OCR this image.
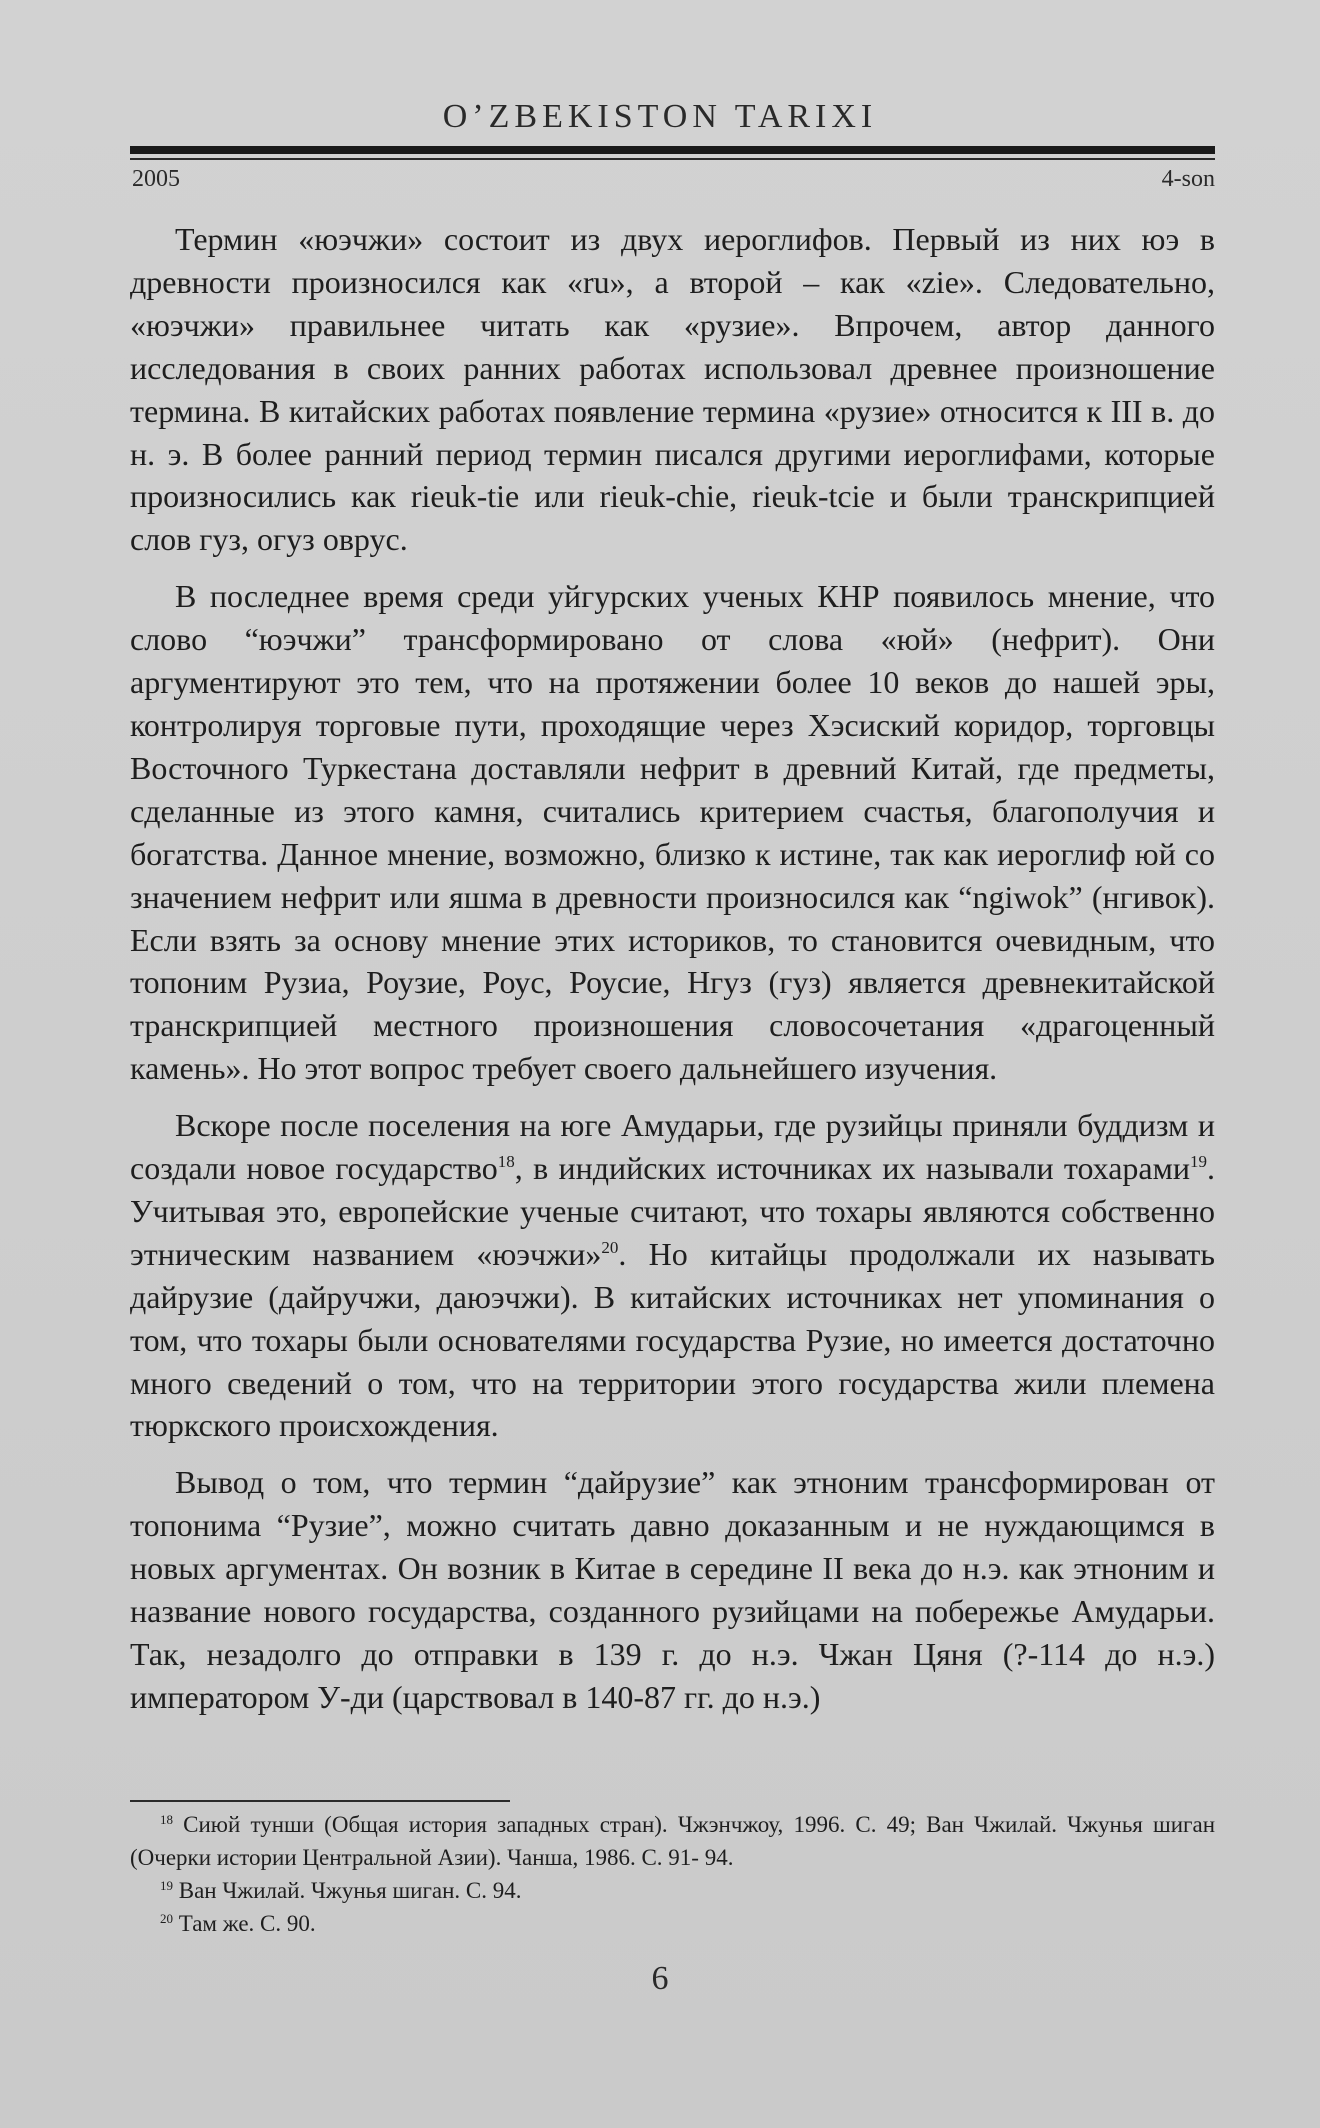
O’ZBEKISTON TARIXI
2005	4-son

Термин «юэчжи» состоит из двух иероглифов. Первый из них юэ в древности произносился как «ru», а второй – как «zie». Следовательно, «юэчжи» правильнее читать как «рузие». Впрочем, автор данного исследования в своих ранних работах использовал древнее произношение термина. В китайских работах появление термина «рузие» относится к III в. до н. э. В более ранний период термин писался другими иероглифами, которые произносились как rieuk-tie или rieuk-chie, rieuk-tcie и были транскрипцией слов гуз, огуз оврус.

В последнее время среди уйгурских ученых КНР появилось мнение, что слово “юэчжи” трансформировано от слова «юй» (нефрит). Они аргументируют это тем, что на протяжении более 10 веков до нашей эры, контролируя торговые пути, проходящие через Хэсиский коридор, торговцы Восточного Туркестана доставляли нефрит в древний Китай, где предметы, сделанные из этого камня, считались критерием счастья, благополучия и богатства. Данное мнение, возможно, близко к истине, так как иероглиф юй со значением нефрит или яшма в древности произносился как “ngiwok” (нгивок). Если взять за основу мнение этих историков, то становится очевидным, что топоним Рузиа, Роузие, Роус, Роусие, Нгуз (гуз) является древнекитайской транскрипцией местного произношения словосочетания «драгоценный камень». Но этот вопрос требует своего дальнейшего изучения.

Вскоре после поселения на юге Амударьи, где рузийцы приняли буддизм и создали новое государство$^{18}$, в индийских источниках их называли тохарами$^{19}$. Учитывая это, европейские ученые считают, что тохары являются собственно этническим названием «юэчжи»$^{20}$. Но китайцы продолжали их называть дайрузие (дайручжи, даюэчжи). В китайских источниках нет упоминания о том, что тохары были основателями государства Рузие, но имеется достаточно много сведений о том, что на территории этого государства жили племена тюркского происхождения.

Вывод о том, что термин “дайрузие” как этноним трансформирован от топонима “Рузие”, можно считать давно доказанным и не нуждающимся в новых аргументах. Он возник в Китае в середине II века до н.э. как этноним и название нового государства, созданного рузийцами на побережье Амударьи. Так, незадолго до отправки в 139 г. до н.э. Чжан Цяня (?-114 до н.э.) императором У-ди (царствовал в 140-87 гг. до н.э.)

$^{18}$ Сиюй тунши (Общая история западных стран). Чжэнчжоу, 1996. С. 49; Ван Чжилай. Чжунья шиган (Очерки истории Центральной Азии). Чанша, 1986. С. 91- 94.

$^{19}$ Ван Чжилай. Чжунья шиган. С. 94.

$^{20}$ Там же. С. 90.

6
